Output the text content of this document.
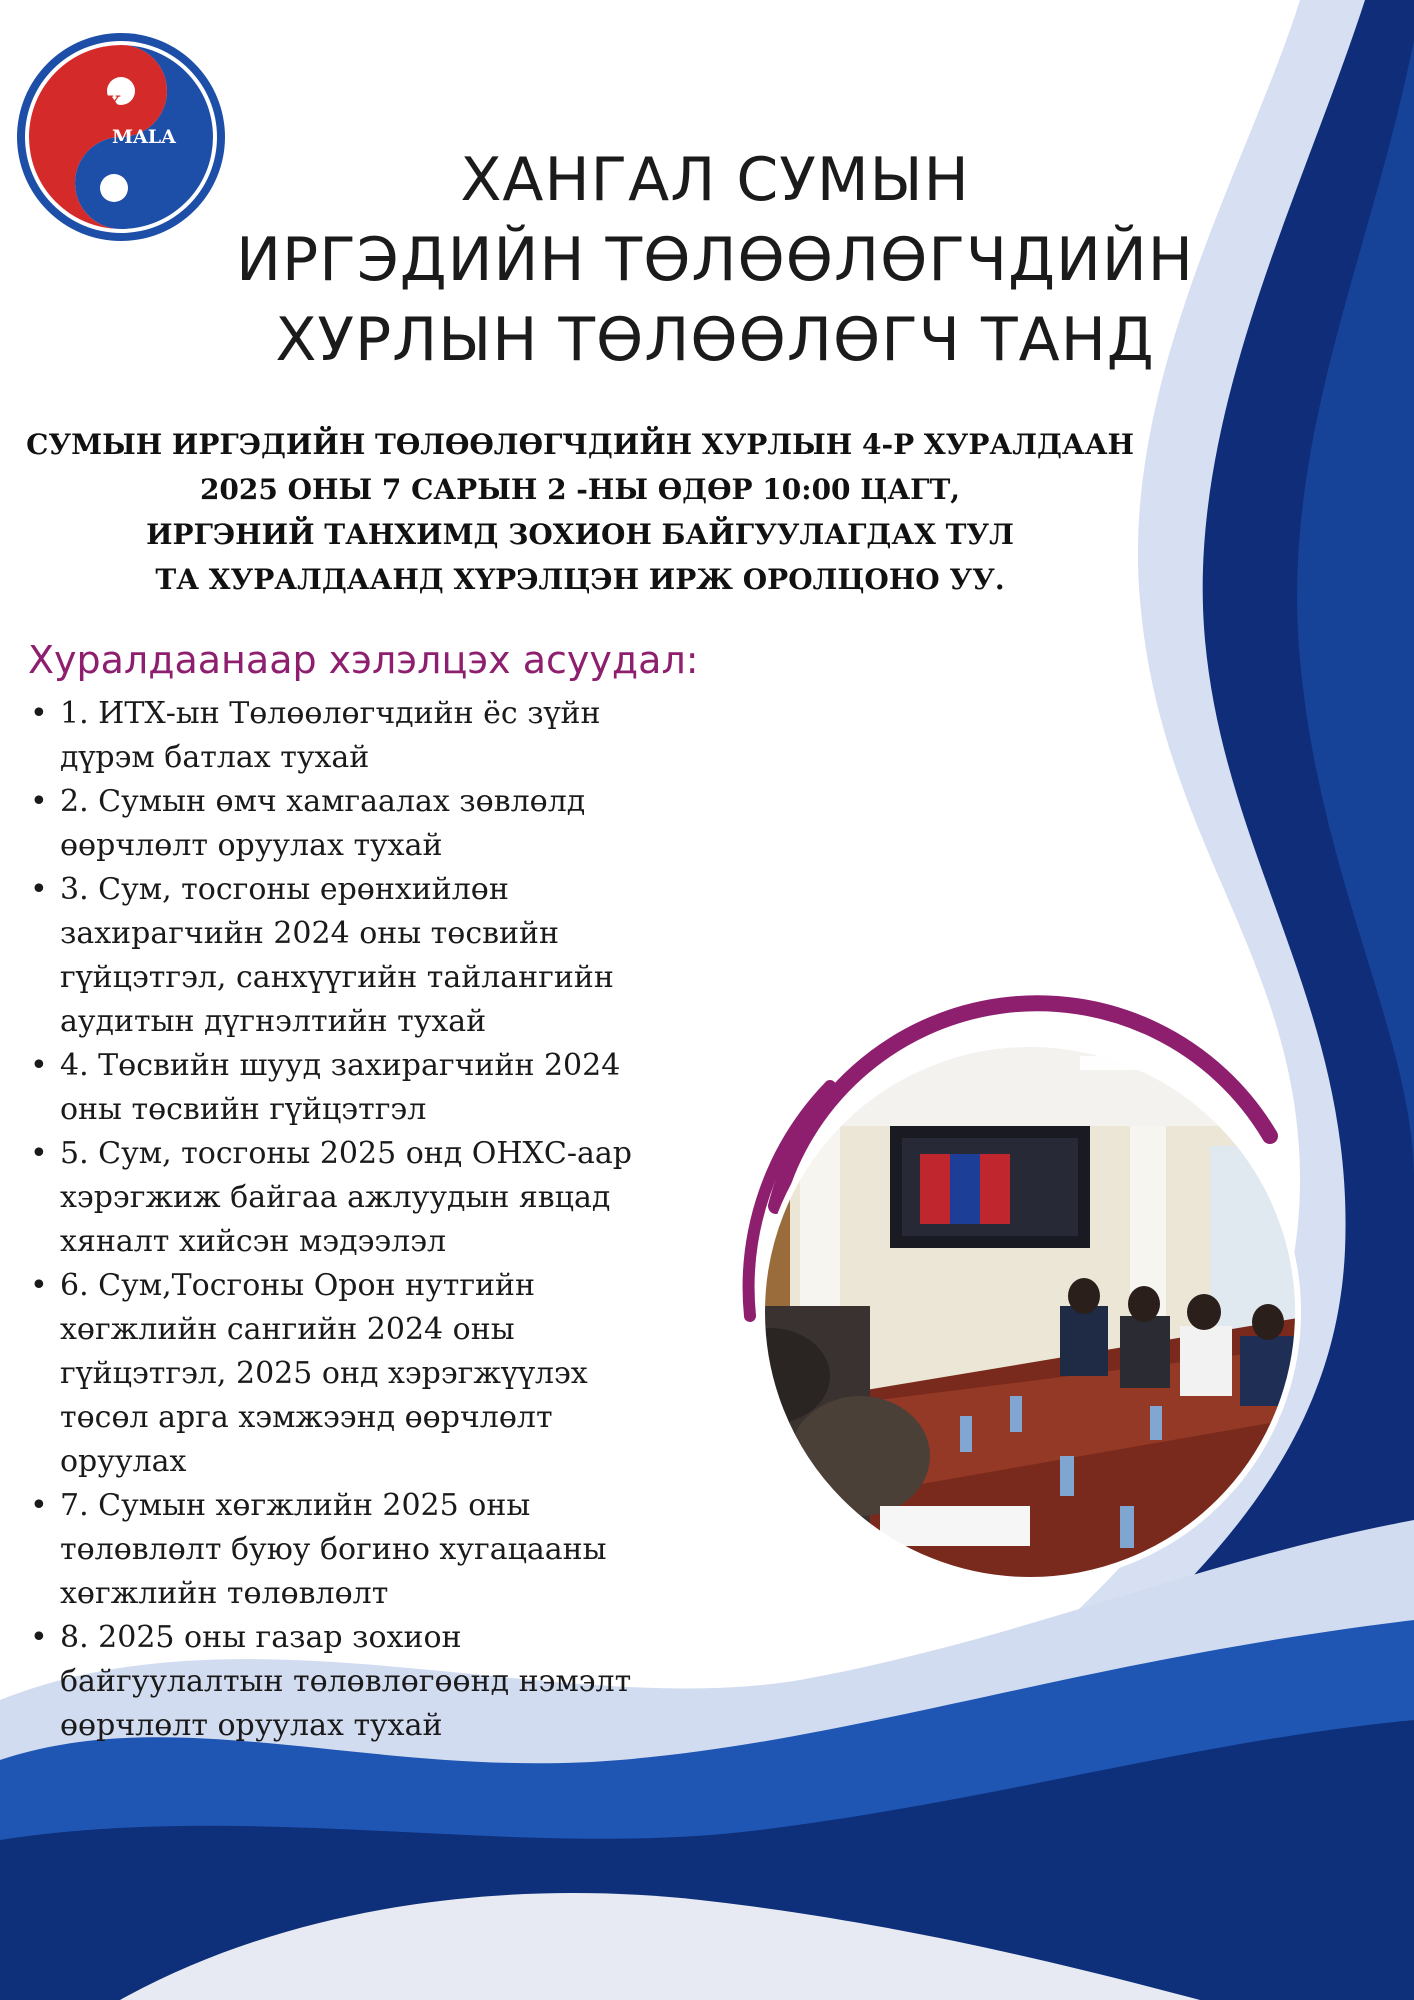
МНУХ
MALA
ХАНГАЛ СУМЫН
ИРГЭДИЙН ТӨЛӨӨЛӨГЧДИЙН
ХУРЛЫН ТӨЛӨӨЛӨГЧ ТАНД
СУМЫН ИРГЭДИЙН ТӨЛӨӨЛӨГЧДИЙН ХУРЛЫН 4-Р ХУРАЛДААН
2025 ОНЫ 7 САРЫН 2 -НЫ ӨДӨР 10:00 ЦАГТ,
ИРГЭНИЙ ТАНХИМД ЗОХИОН БАЙГУУЛАГДАХ ТУЛ
ТА ХУРАЛДААНД ХҮРЭЛЦЭН ИРЖ ОРОЛЦОНО УУ.
Хуралдаанаар хэлэлцэх асуудал:
• 1. ИТХ-ын Төлөөлөгчдийн ёс зүйн
дүрэм батлах тухай
• 2. Сумын өмч хамгаалах зөвлөлд
өөрчлөлт оруулах тухай
• 3. Сум, тосгоны ерөнхийлөн
захирагчийн 2024 оны төсвийн
гүйцэтгэл, санхүүгийн тайлангийн
аудитын дүгнэлтийн тухай
• 4. Төсвийн шууд захирагчийн 2024
оны төсвийн гүйцэтгэл
• 5. Сум, тосгоны 2025 онд ОНХС-аар
хэрэгжиж байгаа ажлуудын явцад
хяналт хийсэн мэдээлэл
• 6. Сум,Тосгоны Орон нутгийн
хөгжлийн сангийн 2024 оны
гүйцэтгэл, 2025 онд хэрэгжүүлэх
төсөл арга хэмжээнд өөрчлөлт
оруулах
• 7. Сумын хөгжлийн 2025 оны
төлөвлөлт буюу богино хугацааны
хөгжлийн төлөвлөлт
• 8. 2025 оны газар зохион
байгуулалтын төлөвлөгөөнд нэмэлт
өөрчлөлт оруулах тухай
